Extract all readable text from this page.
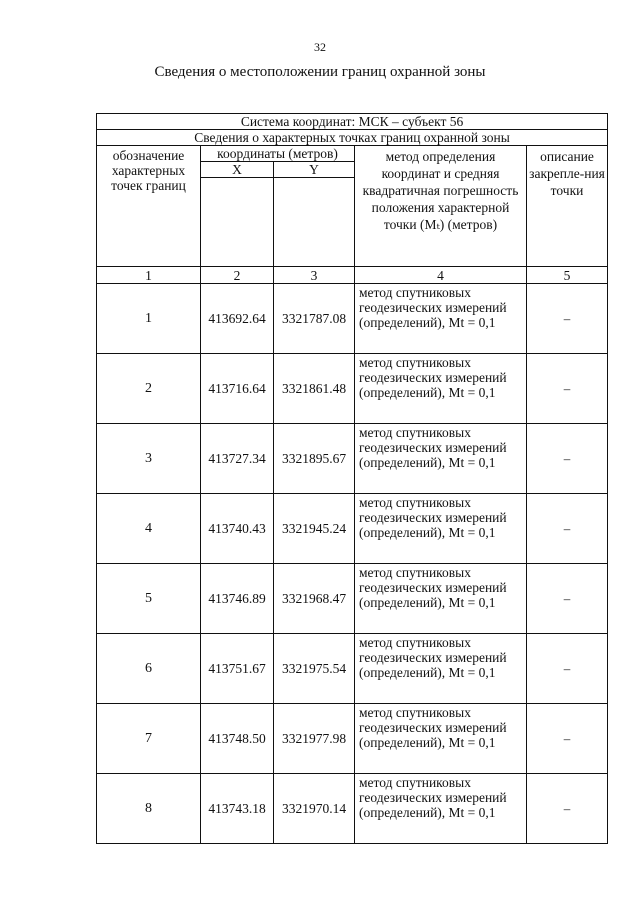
32
Сведения о местоположении границ охранной зоны
Система координат: МСК – субъект 56				
Сведения о характерных точках границ охранной зоны				

обозначение характерных точек границ	координаты (метров)		метод определения координат и средняя квадратичная погрешность положения характерной точки (Mₜ) (метров)	описание закрепле-ния точки

	X	Y		

1	2	3	4	5
1	413692.64	3321787.08	метод спутниковых геодезических измерений (определений), Mt = 0,1	–
2	413716.64	3321861.48	метод спутниковых геодезических измерений (определений), Mt = 0,1	–
3	413727.34	3321895.67	метод спутниковых геодезических измерений (определений), Mt = 0,1	–
4	413740.43	3321945.24	метод спутниковых геодезических измерений (определений), Mt = 0,1	–
5	413746.89	3321968.47	метод спутниковых геодезических измерений (определений), Mt = 0,1	–
6	413751.67	3321975.54	метод спутниковых геодезических измерений (определений), Mt = 0,1	–
7	413748.50	3321977.98	метод спутниковых геодезических измерений (определений), Mt = 0,1	–
8	413743.18	3321970.14	метод спутниковых геодезических измерений (определений), Mt = 0,1	–
